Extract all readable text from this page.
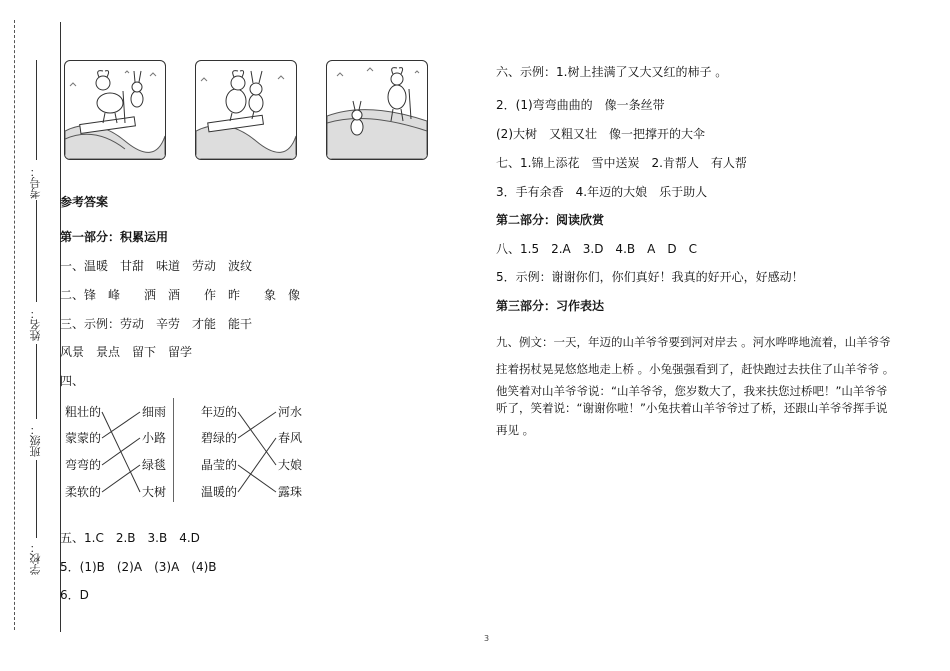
考号：
姓名：
班级：
学校：
参考答案
第一部分：积累运用
一、温暖　甘甜　味道　劳动　波纹
二、锋　峰　　洒　酒　　作　昨　　象　像
三、示例：劳动　辛劳　才能　能干
风景　景点　留下　留学
四、
粗壮的
蒙蒙的
弯弯的
柔软的
细雨
小路
绿毯
大树
年迈的
碧绿的
晶莹的
温暖的
河水
春风
大娘
露珠
五、1.C　2.B　3.B　4.D
5．(1)B　(2)A　(3)A　(4)B
6．D
六、示例：1.树上挂满了又大又红的柿子 。
2．(1)弯弯曲曲的　像一条丝带
(2)大树　又粗又壮　像一把撑开的大伞
七、1.锦上添花　雪中送炭　2.肯帮人　有人帮
3．手有余香　4.年迈的大娘　乐于助人
第二部分：阅读欣赏
八、1.5　2.A　3.D　4.B　A　D　C
5．示例：谢谢你们，你们真好！我真的好开心，好感动！
第三部分：习作表达
九、例文：一天，年迈的山羊爷爷要到河对岸去 。河水哗哗地流着，山羊爷爷
拄着拐杖晃晃悠悠地走上桥 。小兔强强看到了，赶快跑过去扶住了山羊爷爷 。
他笑着对山羊爷爷说：“山羊爷爷，您岁数大了，我来扶您过桥吧！”山羊爷爷
听了，笑着说：“谢谢你啦！”小兔扶着山羊爷爷过了桥，还跟山羊爷爷挥手说
再见 。
3
